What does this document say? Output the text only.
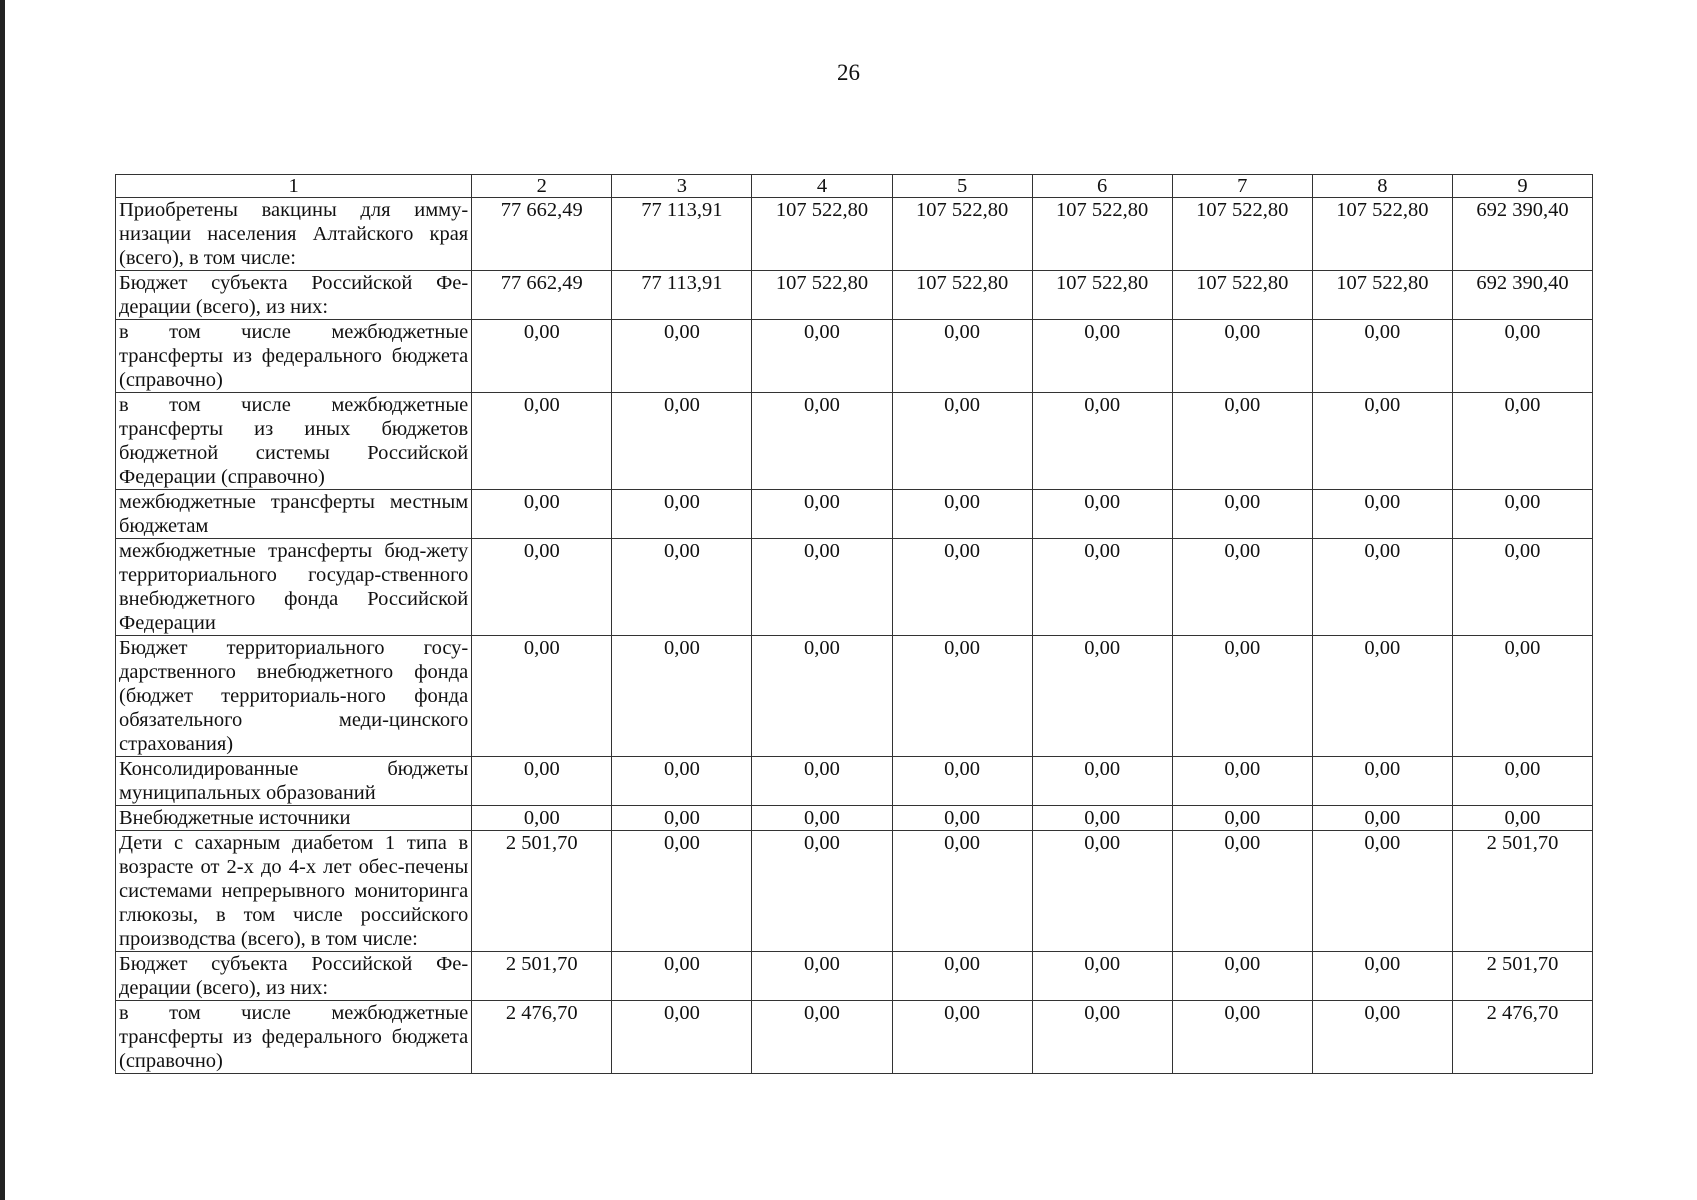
26
1	2	3	4	5	6	7	8	9
Приобретены вакцины для имму-низации населения Алтайского края (всего), в том числе:	77 662,49	77 113,91	107 522,80	107 522,80	107 522,80	107 522,80	107 522,80	692 390,40
Бюджет субъекта Российской Фе-дерации (всего), из них:	77 662,49	77 113,91	107 522,80	107 522,80	107 522,80	107 522,80	107 522,80	692 390,40
в том числе межбюджетные трансферты из федерального бюджета (справочно)	0,00	0,00	0,00	0,00	0,00	0,00	0,00	0,00
в том числе межбюджетные трансферты из иных бюджетов бюджетной системы Российской Федерации (справочно)	0,00	0,00	0,00	0,00	0,00	0,00	0,00	0,00
межбюджетные трансферты местным бюджетам	0,00	0,00	0,00	0,00	0,00	0,00	0,00	0,00
межбюджетные трансферты бюд-жету территориального государ-ственного внебюджетного фонда Российской Федерации	0,00	0,00	0,00	0,00	0,00	0,00	0,00	0,00
Бюджет территориального госу-дарственного внебюджетного фонда (бюджет территориаль-ного фонда обязательного меди-цинского страхования)	0,00	0,00	0,00	0,00	0,00	0,00	0,00	0,00
Консолидированные бюджеты муниципальных образований	0,00	0,00	0,00	0,00	0,00	0,00	0,00	0,00
Внебюджетные источники	0,00	0,00	0,00	0,00	0,00	0,00	0,00	0,00
Дети с сахарным диабетом 1 типа в возрасте от 2-х до 4-х лет обес-печены системами непрерывного мониторинга глюкозы, в том числе российского производства (всего), в том числе:	2 501,70	0,00	0,00	0,00	0,00	0,00	0,00	2 501,70
Бюджет субъекта Российской Фе-дерации (всего), из них:	2 501,70	0,00	0,00	0,00	0,00	0,00	0,00	2 501,70
в том числе межбюджетные трансферты из федерального бюджета (справочно)	2 476,70	0,00	0,00	0,00	0,00	0,00	0,00	2 476,70
